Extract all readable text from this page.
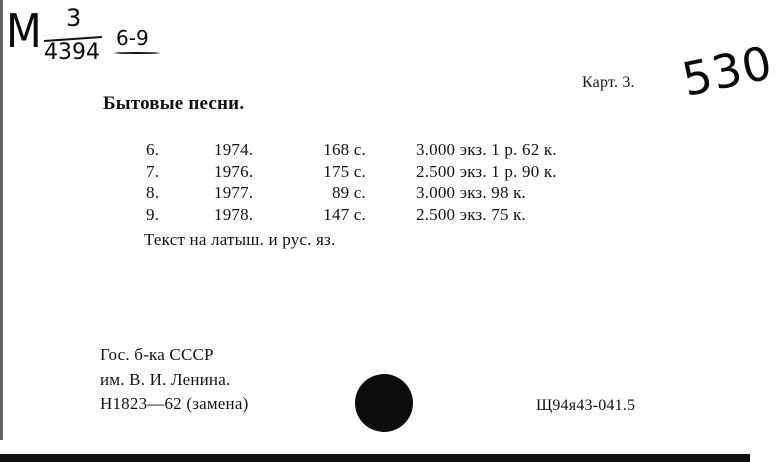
М 3
4394
6-9
Карт. 3. 530
Бытовые песни.
6.	1974.	168 с.	3.000 экз. 1 р. 62 к.
7.	1976.	175 с.	2.500 экз. 1 р. 90 к.
8.	1977.	89 с.	3.000 экз. 98 к.
9.	1978.	147 с.	2.500 экз. 75 к.
Текст на латыш. и рус. яз.
Гос. б-ка СССР
им. В. И. Ленина.
Н1823—62 (замена)	Щ94я43-041.5
